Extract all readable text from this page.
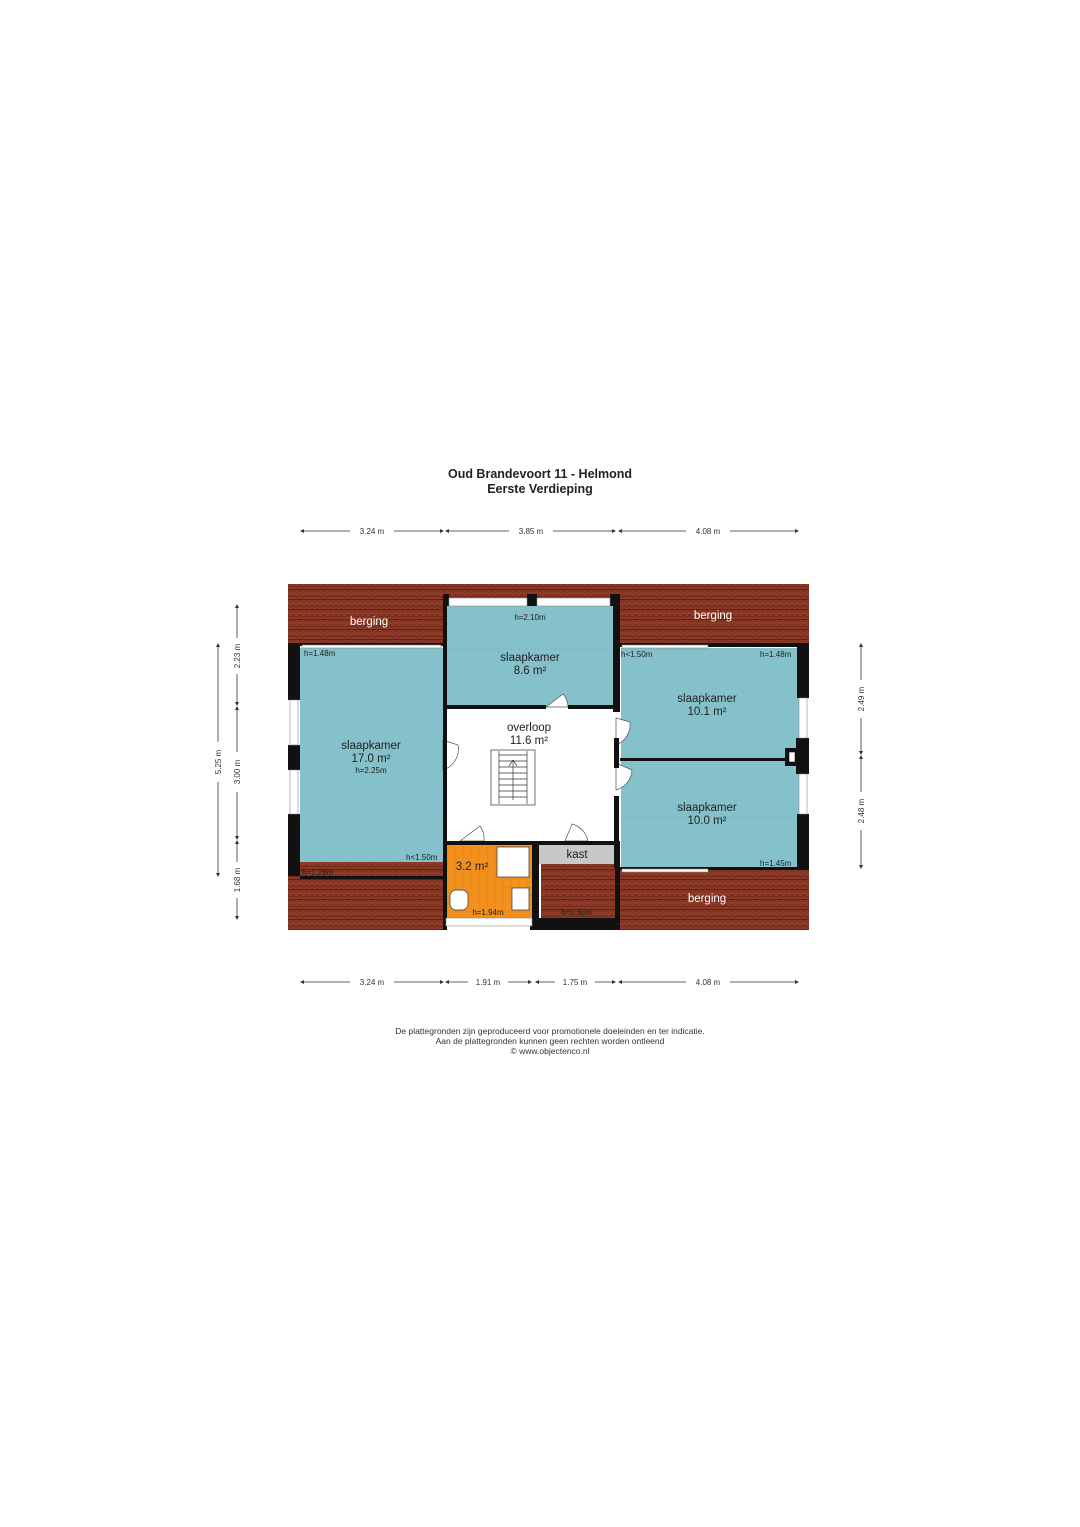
Oud Brandevoort 11 - Helmond
Eerste Verdieping
3.24 m	3.85 m	4.08 m
5.25 m
2.23 m
3.00 m
1.68 m
2.49 m
2.48 m
berging	berging
berging
h=2.10m
slaapkamer
8.6 m²
slaapkamer
17.0 m²
h=2.25m
slaapkamer
10.1 m²
slaapkamer
10.0 m²
overloop
11.6 m²
3.2 m²
h=1.94m
kast
h=1.48m
h=1.28m
h<1.50m
h<1.50m	h=1.48m
h=1.45m
h=0.60m
3.24 m	1.91 m	1.75 m	4.08 m
De plattegronden zijn geproduceerd voor promotionele doeleinden en ter indicatie.
Aan de plattegronden kunnen geen rechten worden ontleend
© www.objectenco.nl
